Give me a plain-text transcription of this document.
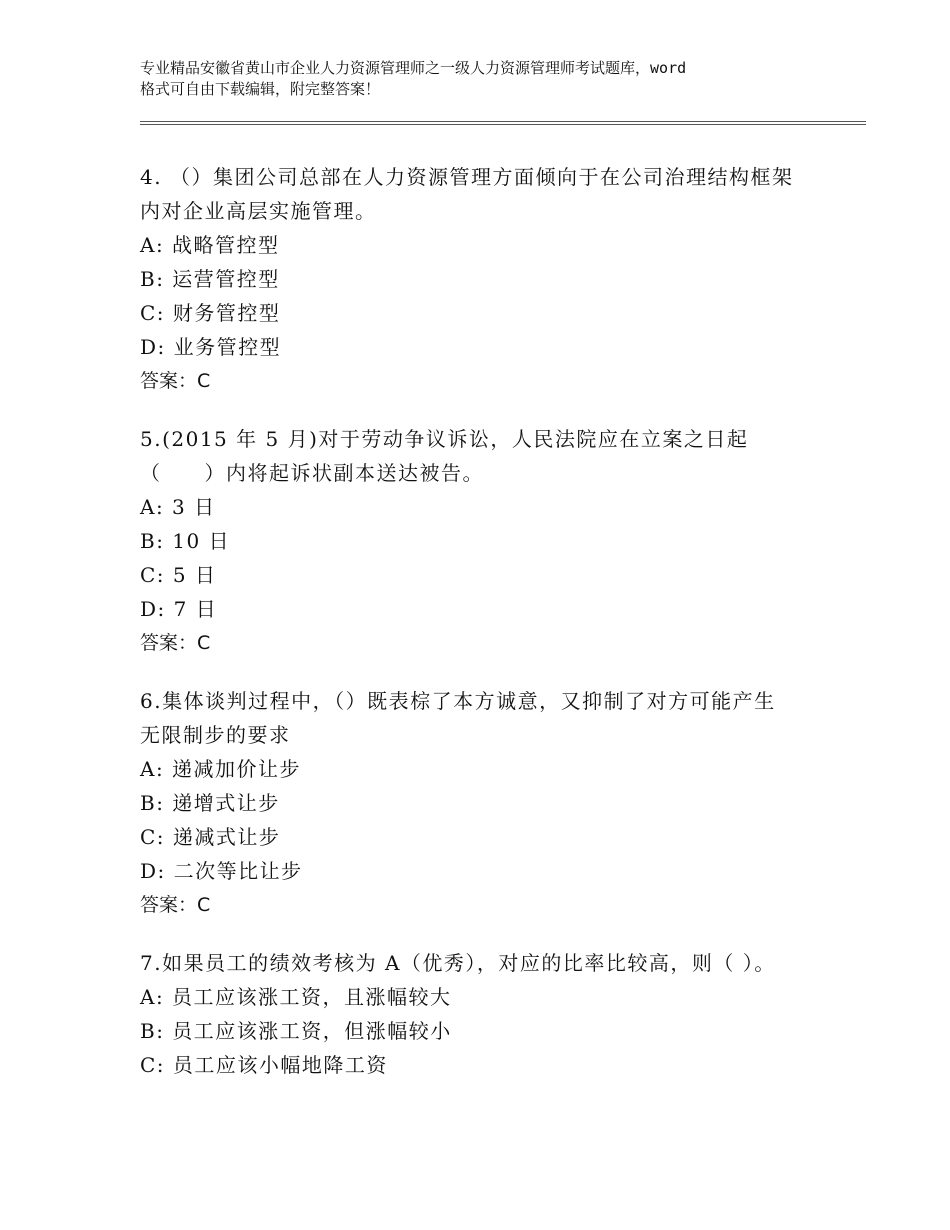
专业精品安徽省黄山市企业人力资源管理师之一级人力资源管理师考试题库，word
格式可自由下载编辑，附完整答案！

4. （）集团公司总部在人力资源管理方面倾向于在公司治理结构框架

内对企业高层实施管理。

A: 战略管控型

B: 运营管控型

C: 财务管控型

D: 业务管控型

答案：C

5.(2015 年 5 月)对于劳动争议诉讼，人民法院应在立案之日起

（　　）内将起诉状副本送达被告。

A: 3 日

B: 10 日

C: 5 日

D: 7 日

答案：C

6.集体谈判过程中，（）既表棕了本方诚意，又抑制了对方可能产生

无限制步的要求

A: 递减加价让步

B: 递增式让步

C: 递减式让步

D: 二次等比让步

答案：C

7.如果员工的绩效考核为 A（优秀），对应的比率比较高，则（ ）。

A: 员工应该涨工资，且涨幅较大

B: 员工应该涨工资，但涨幅较小

C: 员工应该小幅地降工资
